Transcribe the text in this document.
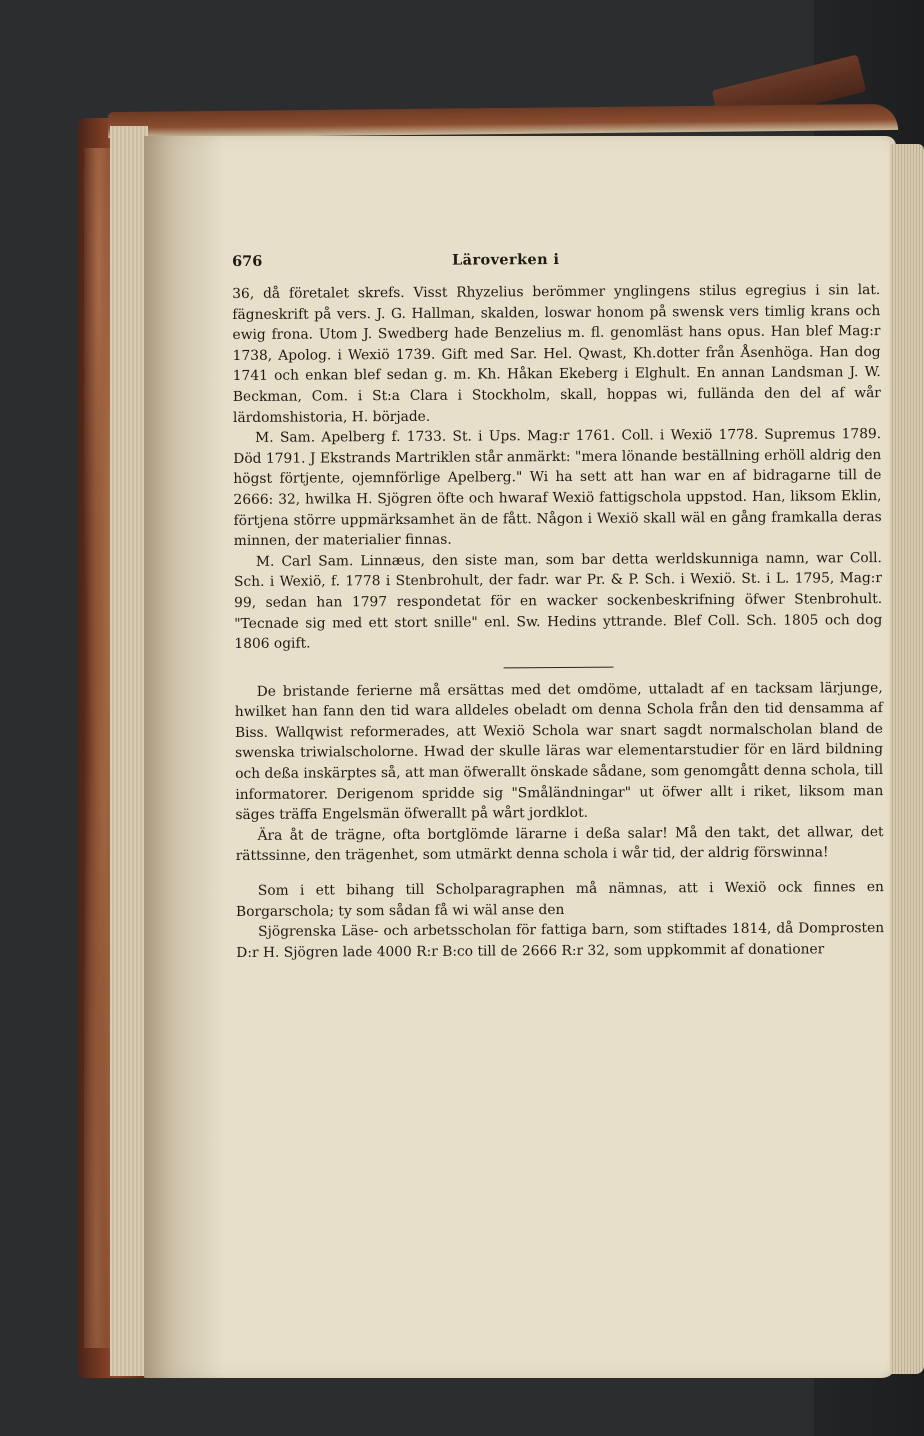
676	Läroverken i

36, då företalet skrefs. Visst Rhyzelius berömmer ynglingens stilus egregius i sin lat. fägneskrift på vers. J. G. Hallman, skalden, loswar honom på swensk vers timlig krans och ewig frona. Utom J. Swedberg hade Benzelius m. fl. genomläst hans opus. Han blef Mag:r 1738, Apolog. i Wexiö 1739. Gift med Sar. Hel. Qwast, Kh.dotter från Åsenhöga. Han dog 1741 och enkan blef sedan g. m. Kh. Håkan Ekeberg i Elghult. En annan Landsman J. W. Beckman, Com. i St:a Clara i Stockholm, skall, hoppas wi, fullända den del af wår lärdomshistoria, H. började.

M. Sam. Apelberg f. 1733. St. i Ups. Mag:r 1761. Coll. i Wexiö 1778. Supremus 1789. Död 1791. J Ekstrands Martriklen står anmärkt: "mera lönande beställning erhöll aldrig den högst förtjente, ojemnförlige Apelberg." Wi ha sett att han war en af bidragarne till de 2666: 32, hwilka H. Sjögren öfte och hwaraf Wexiö fattigschola uppstod. Han, liksom Eklin, förtjena större uppmärksamhet än de fått. Någon i Wexiö skall wäl en gång framkalla deras minnen, der materialier finnas.

M. Carl Sam. Linnæus, den siste man, som bar detta werldskunniga namn, war Coll. Sch. i Wexiö, f. 1778 i Stenbrohult, der fadr. war Pr. & P. Sch. i Wexiö. St. i L. 1795, Mag:r 99, sedan han 1797 respondetat för en wacker sockenbeskrifning öfwer Stenbrohult. "Tecnade sig med ett stort snille" enl. Sw. Hedins yttrande. Blef Coll. Sch. 1805 och dog 1806 ogift.

De bristande ferierne må ersättas med det omdöme, uttaladt af en tacksam lärjunge, hwilket han fann den tid wara alldeles obeladt om denna Schola från den tid densamma af Biss. Wallqwist reformerades, att Wexiö Schola war snart sagdt normalscholan bland de swenska triwialscholorne. Hwad der skulle läras war elementarstudier för en lärd bildning och deßa inskärptes så, att man öfwerallt önskade sådane, som genomgått denna schola, till informatorer. Derigenom spridde sig "Småländningar" ut öfwer allt i riket, liksom man säges träffa Engelsmän öfwerallt på wårt jordklot.

Ära åt de trägne, ofta bortglömde lärarne i deßa salar! Må den takt, det allwar, det rättssinne, den trägenhet, som utmärkt denna schola i wår tid, der aldrig förswinna!

Som i ett bihang till Scholparagraphen må nämnas, att i Wexiö ock finnes en Borgarschola; ty som sådan få wi wäl anse den

Sjögrenska Läse- och arbetsscholan för fattiga barn, som stiftades 1814, då Domprosten D:r H. Sjögren lade 4000 R:r B:co till de 2666 R:r 32, som uppkommit af donationer
